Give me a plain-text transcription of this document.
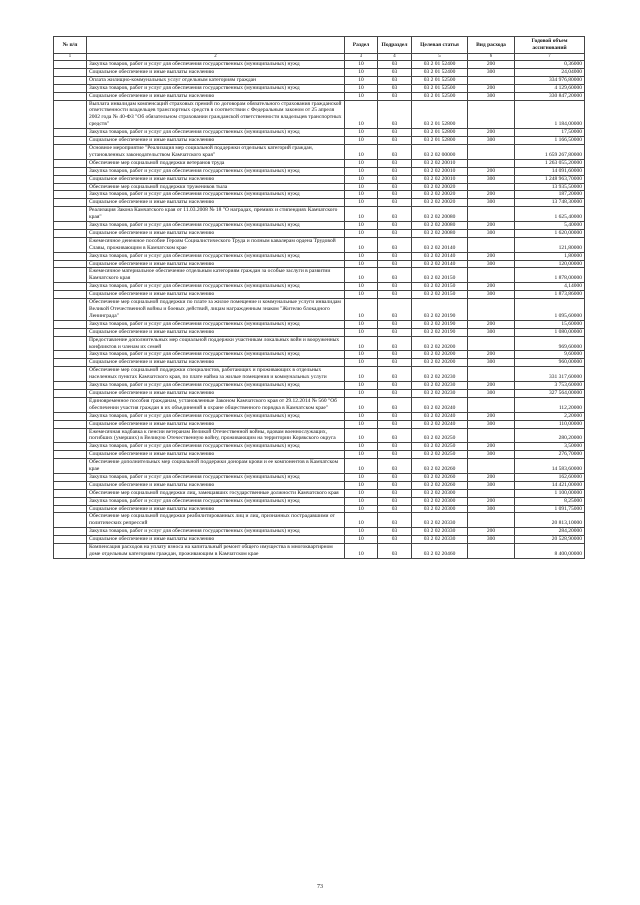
№ п/п		Раздел	Подраздел	Целевая статья	Вид расхода	Годовой объем ассигнований
1	2	3	4	5	6	7
	Закупка товаров, работ и услуг для обеспечения государственных (муниципальных) нужд	10	03	03 2 01 52400	200	0,36000
	Социальное обеспечение и иные выплаты населению	10	03	03 2 01 52400	300	24,04000
	Оплата жилищно-коммунальных услуг отдельным категориям граждан	10	03	03 2 01 52500		334 976,80000
	Закупка товаров, работ и услуг для обеспечения государственных (муниципальных) нужд	10	03	03 2 01 52500	200	4 129,60000
	Социальное обеспечение и иные выплаты населению	10	03	03 2 01 52500	300	330 847,20000
	Выплата инвалидам компенсаций страховых премий по договорам обязательного страхования гражданской ответственности владельцев транспортных средств в соответствии с Федеральным законом от 25 апреля 2002 года № 40-ФЗ "Об обязательном страховании гражданской ответственности владельцев транспортных средств"	10	03	03 2 01 52800		1 184,00000
	Закупка товаров, работ и услуг для обеспечения государственных (муниципальных) нужд	10	03	03 2 01 52800	200	17,50000
	Социальное обеспечение и иные выплаты населению	10	03	03 2 01 52800	300	1 166,50000
	Основное мероприятие "Реализация мер социальной поддержки отдельных категорий граждан, установленных законодательством Камчатского края"	10	03	03 2 02 00000		1 659 267,80000
	Обеспечение мер социальной поддержки ветеранов труда	10	03	03 2 02 20010		1 263 055,20000
	Закупка товаров, работ и услуг для обеспечения государственных (муниципальных) нужд	10	03	03 2 02 20010	200	14 091,60000
	Социальное обеспечение и иные выплаты населению	10	03	03 2 02 20010	300	1 248 963,70000
	Обеспечение мер социальной поддержки тружеников тыла	10	03	03 2 02 20020		13 935,50000
	Закупка товаров, работ и услуг для обеспечения государственных (муниципальных) нужд	10	03	03 2 02 20020	200	187,20000
	Социальное обеспечение и иные выплаты населению	10	03	03 2 02 20020	300	13 748,30000
	Реализация Закона Камчатского края от 11.03.2008 № 18 "О наградах, премиях и стипендиях Камчатского края"	10	03	03 2 02 20080		1 625,40000
	Закупка товаров, работ и услуг для обеспечения государственных (муниципальных) нужд	10	03	03 2 02 20080	200	5,40000
	Социальное обеспечение и иные выплаты населению	10	03	03 2 02 20080	300	1 620,00000
	Ежемесячное денежное пособие Героям Социалистического Труда и полным кавалерам ордена Трудовой Славы, проживающим в Камчатском крае	10	03	03 2 02 20140		121,80000
	Закупка товаров, работ и услуг для обеспечения государственных (муниципальных) нужд	10	03	03 2 02 20140	200	1,80000
	Социальное обеспечение и иные выплаты населению	10	03	03 2 02 20140	300	120,00000
	Ежемесячное материальное обеспечение отдельным категориям граждан за особые заслуги в развитии Камчатского края	10	03	03 2 02 20150		1 878,00000
	Закупка товаров, работ и услуг для обеспечения государственных (муниципальных) нужд	10	03	03 2 02 20150	200	4,14000
	Социальное обеспечение и иные выплаты населению	10	03	03 2 02 20150	300	1 873,86000
	Обеспечение мер социальной поддержки по плате за жилое помещение и коммунальные услуги инвалидам Великой Отечественной войны и боевых действий, лицам награжденным знаком "Жителю блокадного Ленинграда"	10	03	03 2 02 20190		1 095,60000
	Закупка товаров, работ и услуг для обеспечения государственных (муниципальных) нужд	10	03	03 2 02 20190	200	15,60000
	Социальное обеспечение и иные выплаты населению	10	03	03 2 02 20190	300	1 080,00000
	Предоставление дополнительных мер социальной поддержки участникам локальных войн и вооруженных конфликтов и членам их семей	10	03	03 2 02 20200		969,60000
	Закупка товаров, работ и услуг для обеспечения государственных (муниципальных) нужд	10	03	03 2 02 20200	200	9,60000
	Социальное обеспечение и иные выплаты населению	10	03	03 2 02 20200	300	960,00000
	Обеспечение мер социальной поддержки специалистов, работающих и проживающих в отдельных населенных пунктах Камчатского края, по плате найма за жилые помещения и коммунальных услуги	10	03	03 2 02 20230		331 317,60000
	Закупка товаров, работ и услуг для обеспечения государственных (муниципальных) нужд	10	03	03 2 02 20230	200	3 753,60000
	Социальное обеспечение и иные выплаты населению	10	03	03 2 02 20230	300	327 564,00000
	Единовременное пособия гражданам, установленные Законом Камчатского края от 29.12.2014 № 560 "Об обеспечении участия граждан в их объединений в охране общественного порядка в Камчатском крае"	10	03	03 2 02 20240		112,20000
	Закупка товаров, работ и услуг для обеспечения государственных (муниципальных) нужд	10	03	03 2 02 20240	200	2,20000
	Социальное обеспечение и иные выплаты населению	10	03	03 2 02 20240	300	110,00000
	Ежемесячная надбавка к пенсии ветеранам Великой Отечественной войны, вдовам военнослужащих, погибших (умерших) в Великую Отечественную войну, проживающим на территории Корякского округа	10	03	03 2 02 20250		280,20000
	Закупка товаров, работ и услуг для обеспечения государственных (муниципальных) нужд	10	03	03 2 02 20250	200	3,50000
	Социальное обеспечение и иные выплаты населению	10	03	03 2 02 20250	300	276,70000
	Обеспечение дополнительных мер социальной поддержки донорам крови и ее компонентов в Камчатском крае	10	03	03 2 02 20260		14 583,60000
	Закупка товаров, работ и услуг для обеспечения государственных (муниципальных) нужд	10	03	03 2 02 20260	200	162,60000
	Социальное обеспечение и иные выплаты населению	10	03	03 2 02 20260	300	14 421,00000
	Обеспечение мер социальной поддержки лиц, замещавших государственные должности Камчатского края	10	03	03 2 02 20300		1 100,00000
	Закупка товаров, работ и услуг для обеспечения государственных (муниципальных) нужд	10	03	03 2 02 20300	200	8,25000
	Социальное обеспечение и иные выплаты населению	10	03	03 2 02 20300	300	1 091,75000
	Обеспечение мер социальной поддержки реабилитированных лиц и лиц, признанных пострадавшими от политических репрессий	10	03	03 2 02 20330		20 813,10000
	Закупка товаров, работ и услуг для обеспечения государственных (муниципальных) нужд	10	03	03 2 02 20330	200	284,20000
	Социальное обеспечение и иные выплаты населению	10	03	03 2 02 20330	300	20 528,90000
	Компенсация расходов на уплату взноса на капитальный ремонт общего имущества в многоквартирном доме отдельным категориям граждан, проживающим в Камчатском крае	10	03	03 2 02 20460		8 400,00000
73
